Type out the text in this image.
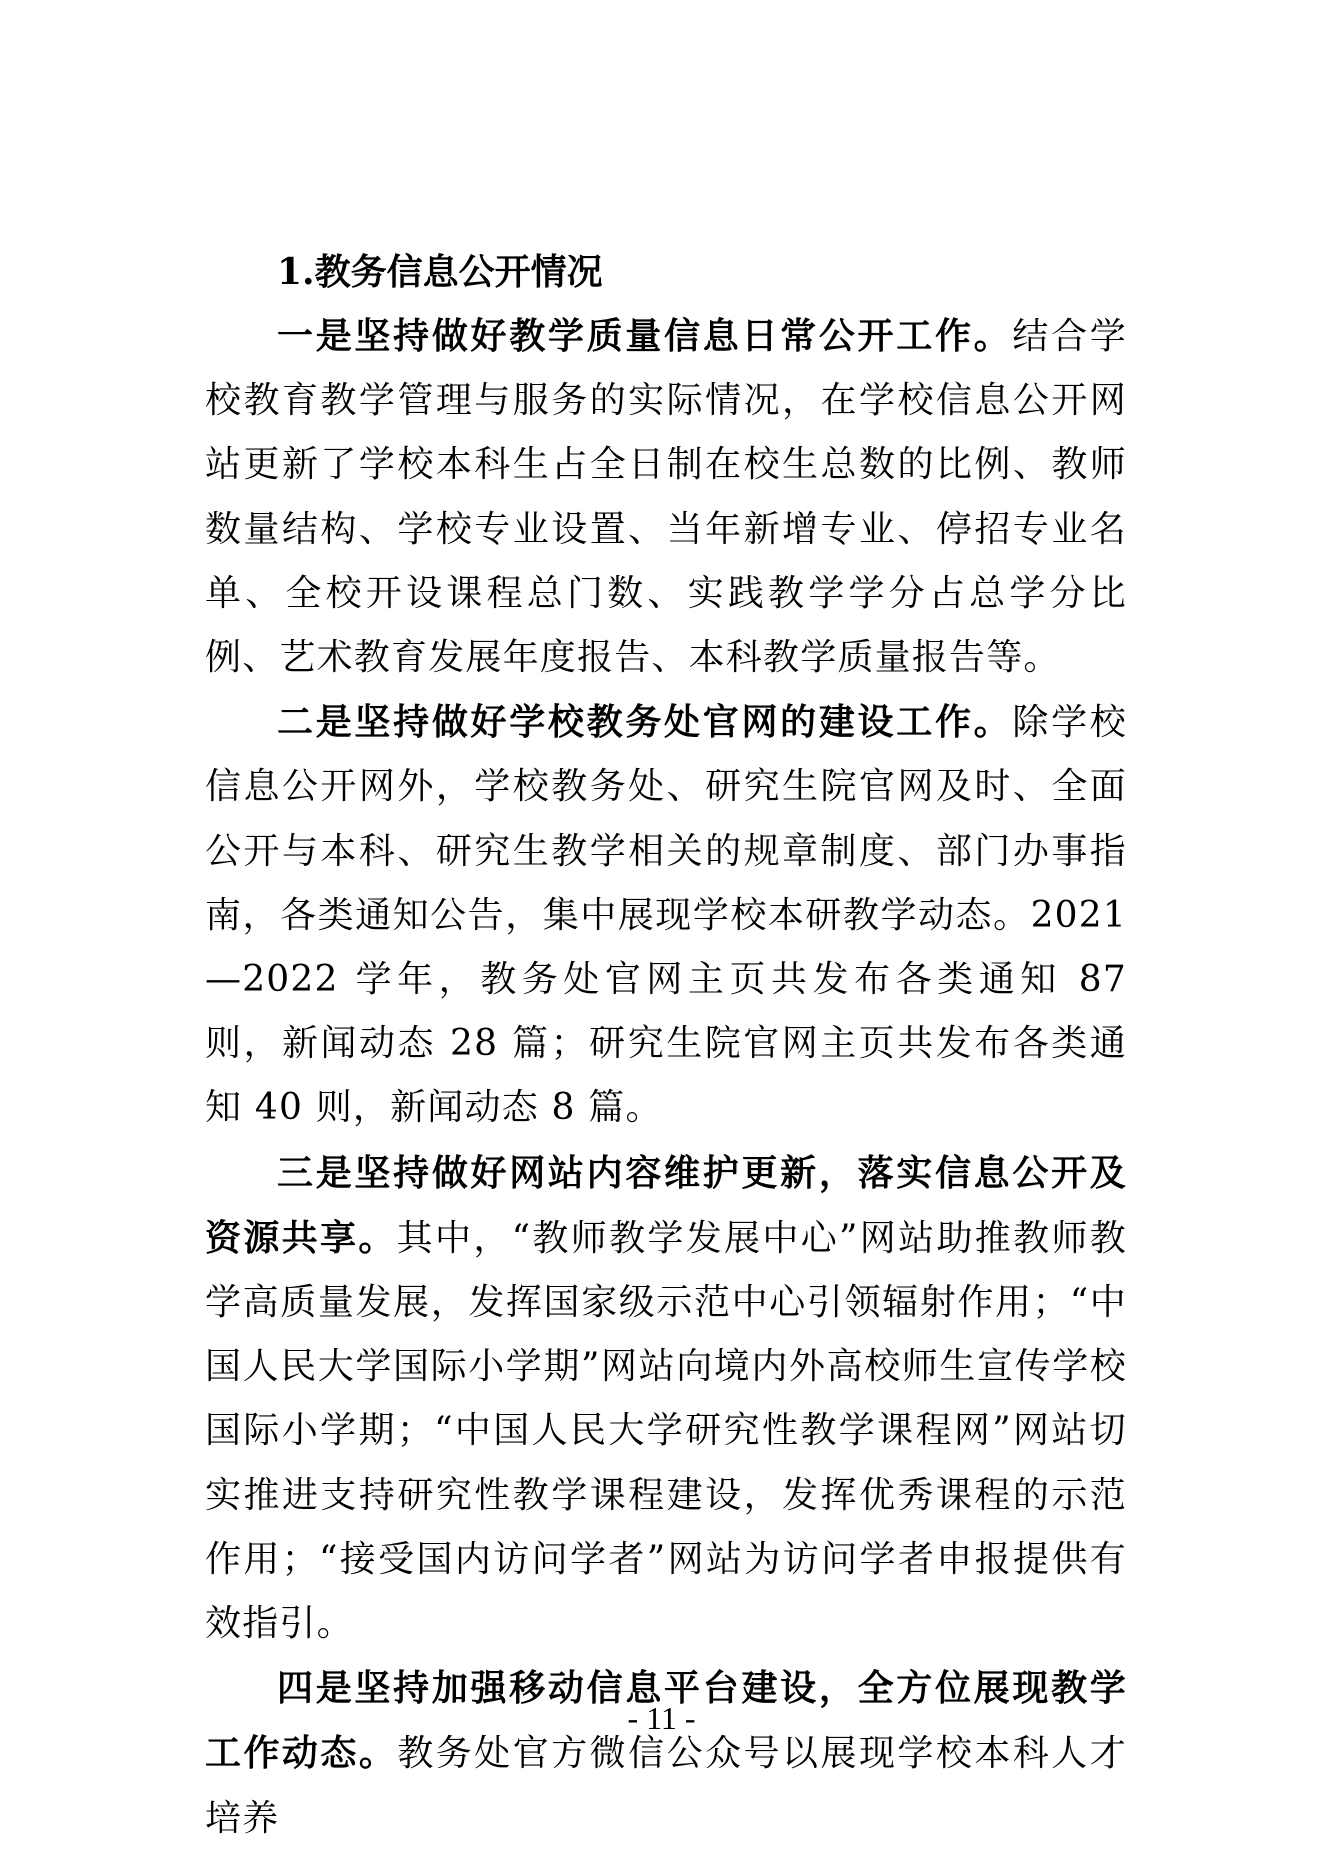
1.教务信息公开情况

一是坚持做好教学质量信息日常公开工作。结合学校教育教学管理与服务的实际情况，在学校信息公开网站更新了学校本科生占全日制在校生总数的比例、教师数量结构、学校专业设置、当年新增专业、停招专业名单、全校开设课程总门数、实践教学学分占总学分比例、艺术教育发展年度报告、本科教学质量报告等。

二是坚持做好学校教务处官网的建设工作。除学校信息公开网外，学校教务处、研究生院官网及时、全面公开与本科、研究生教学相关的规章制度、部门办事指南，各类通知公告，集中展现学校本研教学动态。2021—2022 学年，教务处官网主页共发布各类通知 87 则，新闻动态 28 篇；研究生院官网主页共发布各类通知 40 则，新闻动态 8 篇。

三是坚持做好网站内容维护更新，落实信息公开及资源共享。其中，“教师教学发展中心”网站助推教师教学高质量发展，发挥国家级示范中心引领辐射作用；“中国人民大学国际小学期”网站向境内外高校师生宣传学校国际小学期；“中国人民大学研究性教学课程网”网站切实推进支持研究性教学课程建设，发挥优秀课程的示范作用；“接受国内访问学者”网站为访问学者申报提供有效指引。

四是坚持加强移动信息平台建设，全方位展现教学工作动态。教务处官方微信公众号以展现学校本科人才培养

- 11 -
